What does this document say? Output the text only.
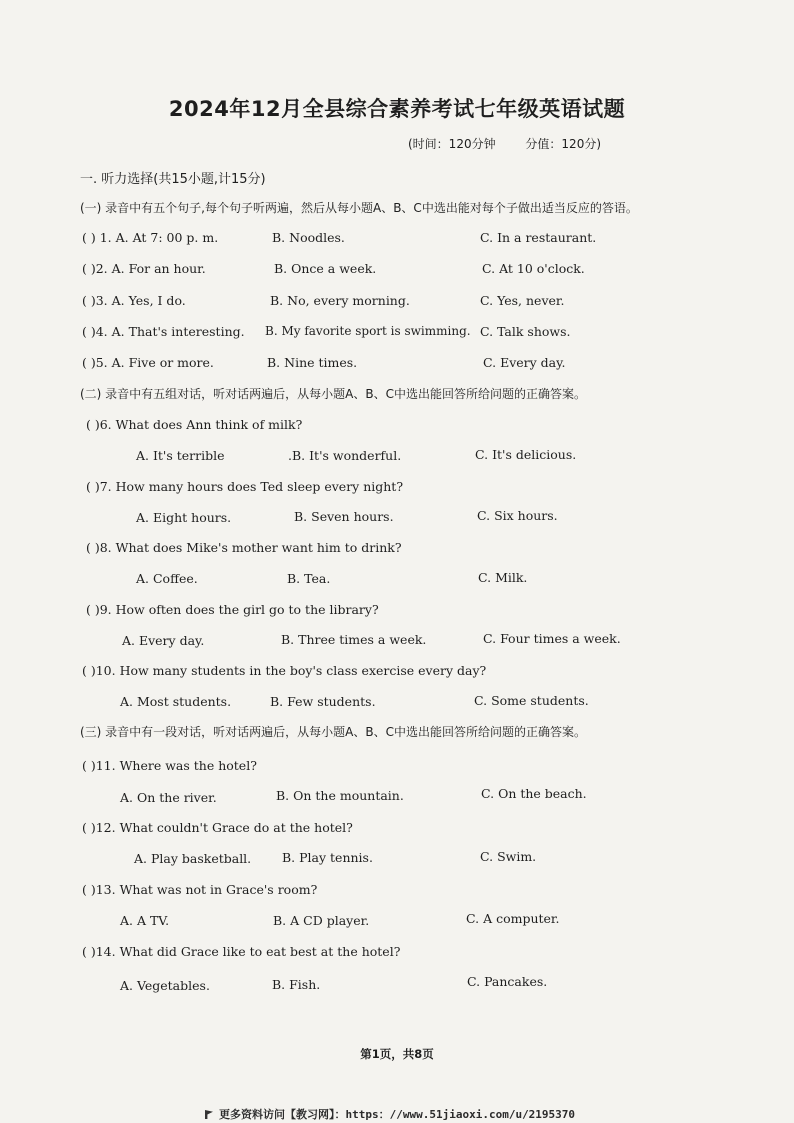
2024年12月全县综合素养考试七年级英语试题
(时间：120分钟 分值：120分)
一. 听力选择(共15小题,计15分)
(一) 录音中有五个句子,每个句子听两遍，然后从每小题A、B、C中选出能对每个子做出适当反应的答语。
( ) 1. A. At 7: 00 p. m.	B. Noodles.	C. In a restaurant.
( )2. A. For an hour.	B. Once a week.	C. At 10 o'clock.
( )3. A. Yes, I do.	B. No, every morning.	C. Yes, never.
( )4. A. That's interesting. B. My favorite sport is swimming. C. Talk shows.
( )5. A. Five or more.	B. Nine times.	C. Every day.
(二) 录音中有五组对话，听对话两遍后，从每小题A、B、C中选出能回答所给问题的正确答案。
( )6. What does Ann think of milk?
A. It's terrible	.B. It's wonderful.	C. It's delicious.
( )7. How many hours does Ted sleep every night?
A. Eight hours.	B. Seven hours.	C. Six hours.
( )8. What does Mike's mother want him to drink?
A. Coffee.	B. Tea.	C. Milk.
( )9. How often does the girl go to the library?
A. Every day.	B. Three times a week.	C. Four times a week.
( )10. How many students in the boy's class exercise every day?
A. Most students.	B. Few students.	C. Some students.
(三) 录音中有一段对话，听对话两遍后，从每小题A、B、C中选出能回答所给问题的正确答案。
( )11. Where was the hotel?
A. On the river.	B. On the mountain.	C. On the beach.
( )12. What couldn't Grace do at the hotel?
A. Play basketball. B. Play tennis.	C. Swim.
( )13. What was not in Grace's room?
A. A TV.	B. A CD player.	C. A computer.
( )14. What did Grace like to eat best at the hotel?
A. Vegetables.	B. Fish.	C. Pancakes.
第1页，共8页
更多资料访问【教习网】：https：//www.51jiaoxi.com/u/2195370
